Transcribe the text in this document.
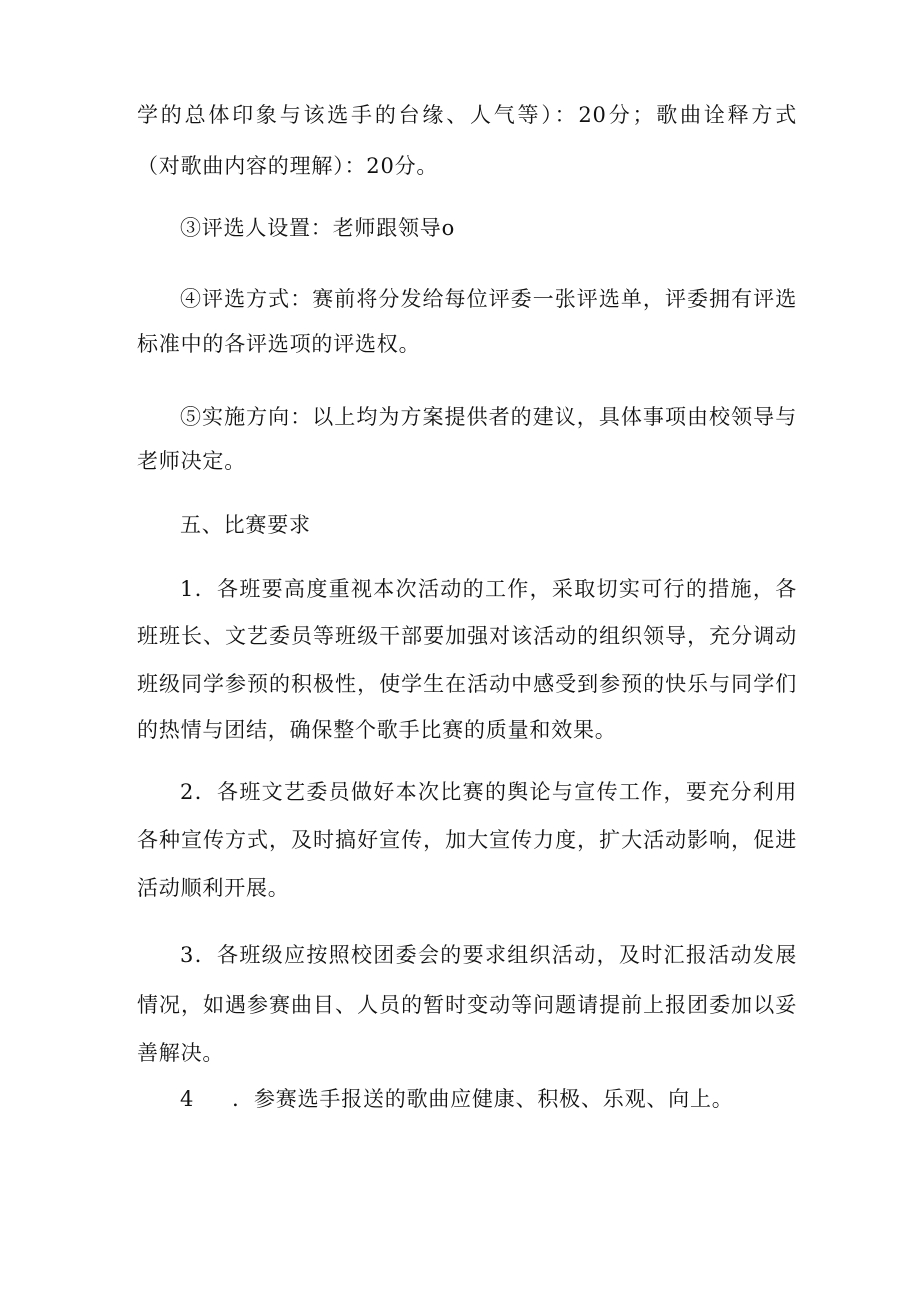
学的总体印象与该选手的台缘、人气等）：20分；歌曲诠释方式
（对歌曲内容的理解）：20分。
③评选人设置：老师跟领导o
④评选方式：赛前将分发给每位评委一张评选单，评委拥有评选
标准中的各评选项的评选权。
⑤实施方向：以上均为方案提供者的建议，具体事项由校领导与
老师决定。
五、比赛要求
1．各班要高度重视本次活动的工作，采取切实可行的措施，各
班班长、文艺委员等班级干部要加强对该活动的组织领导，充分调动
班级同学参预的积极性，使学生在活动中感受到参预的快乐与同学们
的热情与团结，确保整个歌手比赛的质量和效果。
2．各班文艺委员做好本次比赛的舆论与宣传工作，要充分利用
各种宣传方式，及时搞好宣传，加大宣传力度，扩大活动影响，促进
活动顺利开展。
3．各班级应按照校团委会的要求组织活动，及时汇报活动发展
情况，如遇参赛曲目、人员的暂时变动等问题请提前上报团委加以妥
善解决。
4 ．参赛选手报送的歌曲应健康、积极、乐观、向上。
